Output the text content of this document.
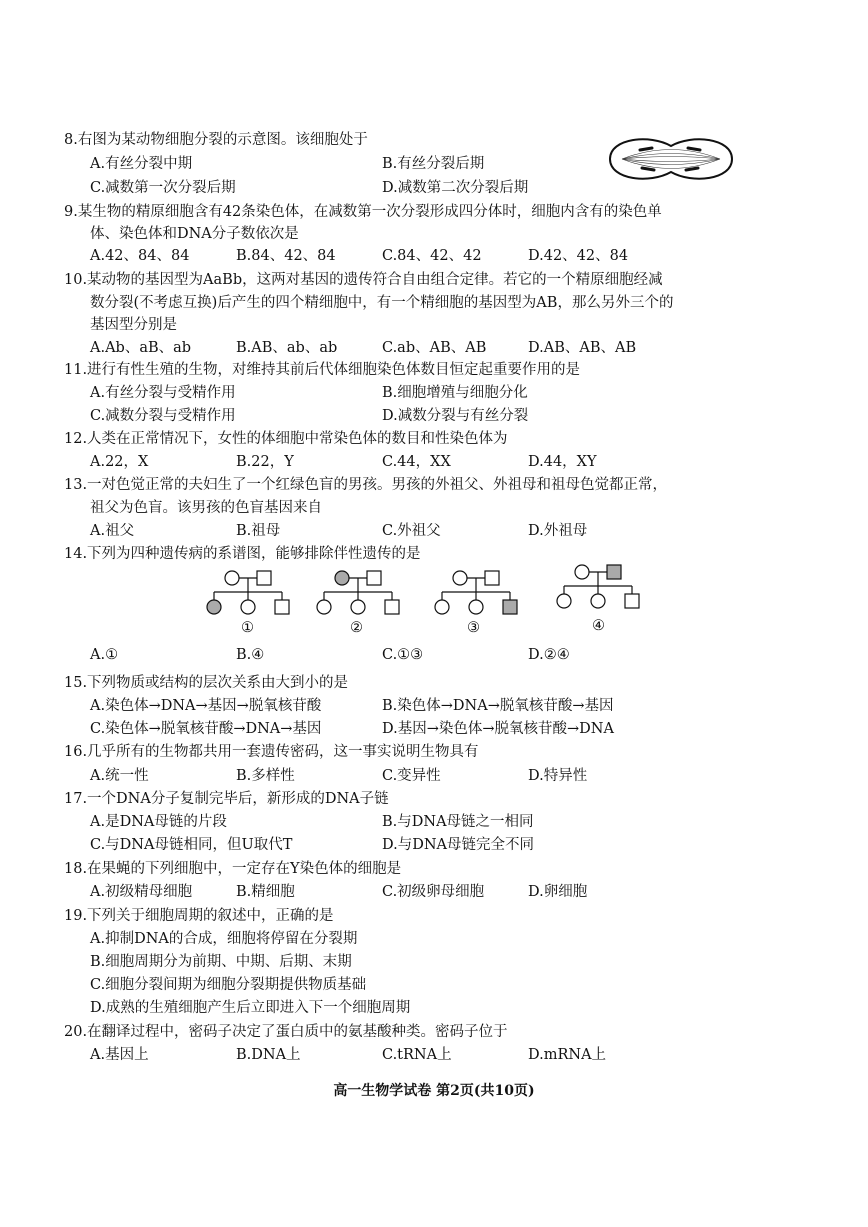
8.右图为某动物细胞分裂的示意图。该细胞处于
A.有丝分裂中期	B.有丝分裂后期
C.减数第一次分裂后期	D.减数第二次分裂后期
9.某生物的精原细胞含有42条染色体，在减数第一次分裂形成四分体时，细胞内含有的染色单
体、染色体和DNA分子数依次是
A.42、84、84	B.84、42、84	C.84、42、42	D.42、42、84
10.某动物的基因型为AaBb，这两对基因的遗传符合自由组合定律。若它的一个精原细胞经减
数分裂(不考虑互换)后产生的四个精细胞中，有一个精细胞的基因型为AB，那么另外三个的
基因型分别是
A.Ab、aB、ab	B.AB、ab、ab	C.ab、AB、AB	D.AB、AB、AB
11.进行有性生殖的生物，对维持其前后代体细胞染色体数目恒定起重要作用的是
A.有丝分裂与受精作用	B.细胞增殖与细胞分化
C.减数分裂与受精作用	D.减数分裂与有丝分裂
12.人类在正常情况下，女性的体细胞中常染色体的数目和性染色体为
A.22，X	B.22，Y	C.44，XX	D.44，XY
13.一对色觉正常的夫妇生了一个红绿色盲的男孩。男孩的外祖父、外祖母和祖母色觉都正常，
祖父为色盲。该男孩的色盲基因来自
A.祖父	B.祖母	C.外祖父	D.外祖母
14.下列为四种遗传病的系谱图，能够排除伴性遗传的是
①	②	③	④
A.①	B.④	C.①③	D.②④
15.下列物质或结构的层次关系由大到小的是
A.染色体→DNA→基因→脱氧核苷酸	B.染色体→DNA→脱氧核苷酸→基因
C.染色体→脱氧核苷酸→DNA→基因	D.基因→染色体→脱氧核苷酸→DNA
16.几乎所有的生物都共用一套遗传密码，这一事实说明生物具有
A.统一性	B.多样性	C.变异性	D.特异性
17.一个DNA分子复制完毕后，新形成的DNA子链
A.是DNA母链的片段	B.与DNA母链之一相同
C.与DNA母链相同，但U取代T	D.与DNA母链完全不同
18.在果蝇的下列细胞中，一定存在Y染色体的细胞是
A.初级精母细胞	B.精细胞	C.初级卵母细胞	D.卵细胞
19.下列关于细胞周期的叙述中，正确的是
A.抑制DNA的合成，细胞将停留在分裂期
B.细胞周期分为前期、中期、后期、末期
C.细胞分裂间期为细胞分裂期提供物质基础
D.成熟的生殖细胞产生后立即进入下一个细胞周期
20.在翻译过程中，密码子决定了蛋白质中的氨基酸种类。密码子位于
A.基因上	B.DNA上	C.tRNA上	D.mRNA上
高一生物学试卷 第2页(共10页)
